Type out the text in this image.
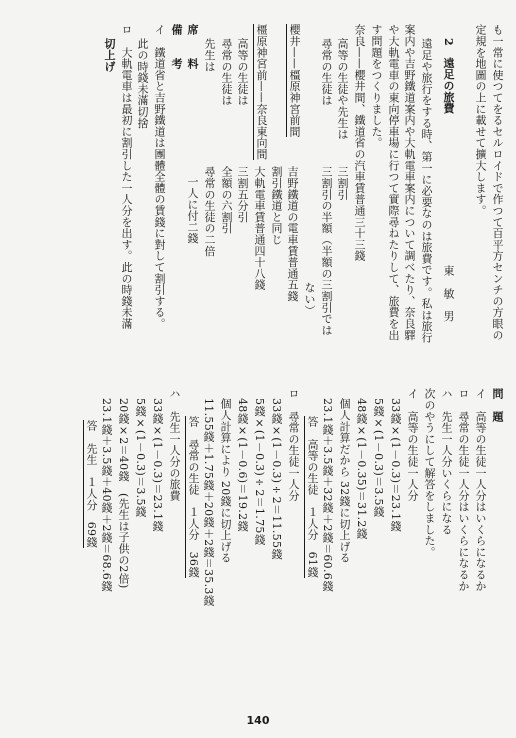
も一常に使つてをるセルロイドで作つて百平方センチの方眼の
定規を地圖の上に載せて擴大します。
2　遠足の旅費
東　敏　男
遠足や旅行をする時、第一に必要なのは旅費です。私は旅行
案内や吉野鐵道案内や大軌電車案内について調べたり、奈良驛
や大軌電車の東向停車場に行つて實際尋ねたりして、旅費を出
す問題をつくりました。
奈良——櫻井間、鐵道省の汽車賃普通三十三錢
高等の生徒や先生は
三割引
尋常の生徒は
三割引の半額（半額の三割引では
ない）
櫻井——橿原神宮前間
吉野鐵道の電車賃普通五錢
割引鐵道と同じ
橿原神宮前——奈良東向間
大軌電車賃普通四十八錢
高等の生徒は
三割五分引
尋常の生徒は
全額の六割引
先生は
尋常の生徒の二倍
一人に付二錢
席　　料
備　　考
イ　鐵道省と吉野鐵道は團體全體の賃錢に對して割引する。
此の時錢未滿切捨
ロ　大軌電車は最初に割引した一人分を出す。此の時錢未滿
切上げ
問　題
イ　高等の生徒一人分はいくらになるか
ロ　尋常の生徒一人分はいくらになるか
ハ　先生一人分いくらになる
次のやうにして解答をしました。
イ　高等の生徒一人分
33錢×(1－0.3)＝23.1錢
5錢×(1－0.3)＝3.5錢
48錢×(1－0.35)＝31.2錢
個人計算だから 32錢に切上げる
23.1錢＋3.5錢＋32錢＋2錢＝60.6錢
答　高等の生徒　１人分　61錢
ロ　尋常の生徒一人分
33錢×(1－0.3)÷2＝11.55錢
5錢×(1－0.3)÷2＝1.75錢
48錢×(1－0.6)＝19.2錢
個人計算により 20錢に切上げる
11.55錢＋1.75錢＋20錢＋2錢＝35.3錢
答　尋常の生徒　１人分　36錢
ハ　先生一人分の旅費
33錢×(1－0.3)＝23.1錢
5錢×(1－0.3)＝3.5錢
20錢×2＝40錢　(先生は子供の2倍)
23.1錢＋3.5錢＋40錢＋2錢＝68.6錢
答　先生　１人分　69錢
140
